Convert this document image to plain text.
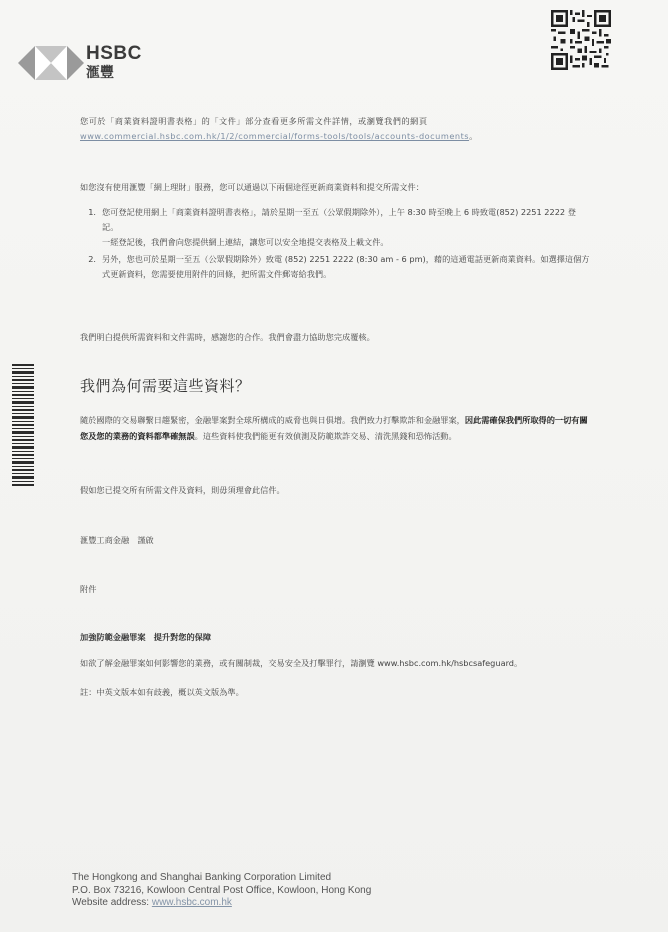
HSBC
滙豐
您可於「商業資料證明書表格」的「文件」部分查看更多所需文件詳情，或瀏覽我們的網頁
www.commercial.hsbc.com.hk/1/2/commercial/forms-tools/tools/accounts-documents。
如您沒有使用滙豐「網上理財」服務，您可以通過以下兩個途徑更新商業資料和提交所需文件：
1. 您可登記使用網上「商業資料證明書表格」，請於星期一至五（公眾假期除外），上午 8:30 時至晚上 6 時致電(852) 2251 2222 登記。
一經登記後，我們會向您提供網上連結，讓您可以安全地提交表格及上載文件。
2. 另外，您也可於星期一至五（公眾假期除外）致電 (852) 2251 2222 (8:30 am - 6 pm)，藉的這通電話更新商業資料。如選擇這個方式更新資料，您需要使用附件的回條，把所需文件郵寄給我們。
我們明白提供所需資料和文件需時，感謝您的合作。我們會盡力協助您完成覆核。
我們為何需要這些資料？
隨於國際的交易聯繫日趨緊密，金融罪案對全球所構成的威脅也與日俱增。我們致力打擊欺詐和金融罪案，因此需確保我們所取得的一切有關您及您的業務的資料都準確無誤。這些資料使我們能更有效偵測及防範欺詐交易、清洗黑錢和恐怖活動。
假如您已提交所有所需文件及資料，則毋須理會此信件。
滙豐工商金融　謹啟
附件
加強防範金融罪案　提升對您的保障
如欲了解金融罪案如何影響您的業務，或有關制裁，交易安全及打擊罪行，請瀏覽 www.hsbc.com.hk/hsbcsafeguard。
註：中英文版本如有歧義，概以英文版為準。
The Hongkong and Shanghai Banking Corporation Limited
P.O. Box 73216, Kowloon Central Post Office, Kowloon, Hong Kong
Website address: www.hsbc.com.hk
